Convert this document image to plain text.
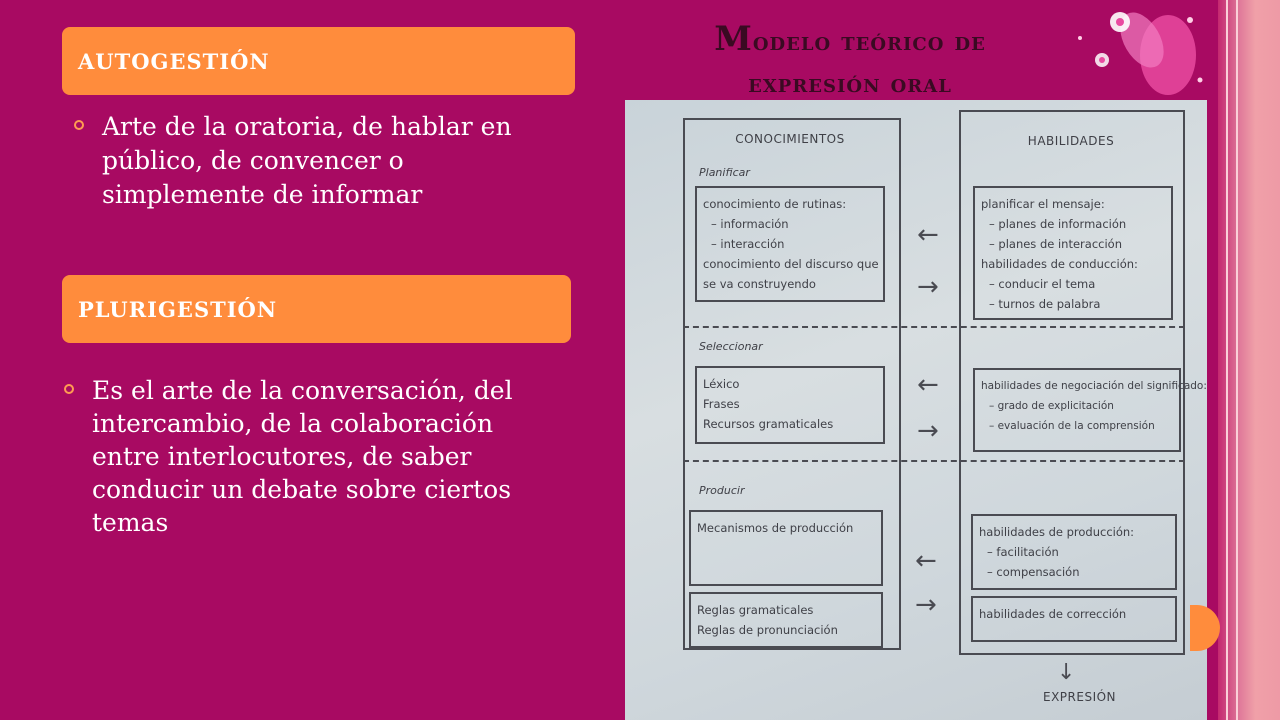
Modelo teórico de
expresión oral
AUTOGESTIÓN
Arte de la oratoria, de hablar en público, de convencer o simplemente de informar
PLURIGESTIÓN
Es el arte de la conversación, del intercambio, de la colaboración entre interlocutores, de saber conducir un debate sobre ciertos temas
CONOCIMIENTOS	HABILIDADES
Planificar
conocimiento de rutinas:
– información
– interacción
conocimiento del discurso que
se va construyendo
planificar el mensaje:
– planes de información
– planes de interacción
habilidades de conducción:
– conducir el tema
– turnos de palabra
←
→
Seleccionar
Léxico
Frases
Recursos gramaticales
habilidades de negociación del significado:
– grado de explicitación
– evaluación de la comprensión
←
→
Producir
Mecanismos de producción	habilidades de producción:
– facilitación
– compensación
Reglas gramaticales
Reglas de pronunciación
habilidades de corrección
←
→
↓
EXPRESIÓN
